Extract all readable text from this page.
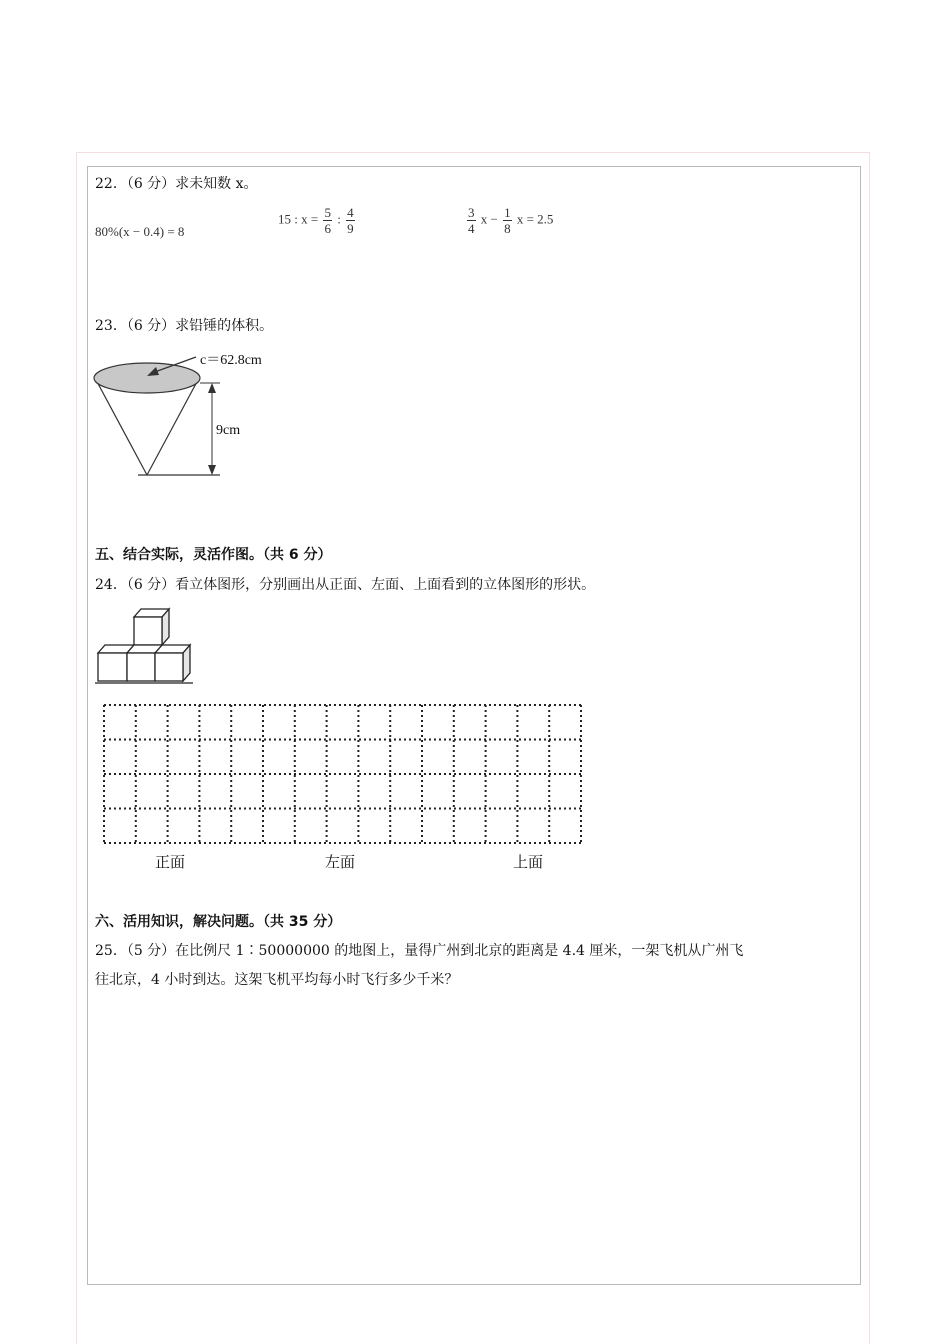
22．（6 分）求未知数 x。
80%(x − 0.4) = 8
15 : $x = \frac{5}{6}$ : $\frac{4}{9}$	$\frac{3}{4}$ $x - \frac{1}{8}$ x = 2.5
23．（6 分）求铅锤的体积。
c＝62.8cm
9cm
五、结合实际，灵活作图。（共 6 分）
24．（6 分）看立体图形，分别画出从正面、左面、上面看到的立体图形的形状。
正面	左面	上面
六、活用知识，解决问题。（共 35 分）
25．（5 分）在比例尺 1∶50000000 的地图上，量得广州到北京的距离是 4.4 厘米，一架飞机从广州飞
往北京，4 小时到达。这架飞机平均每小时飞行多少千米？
